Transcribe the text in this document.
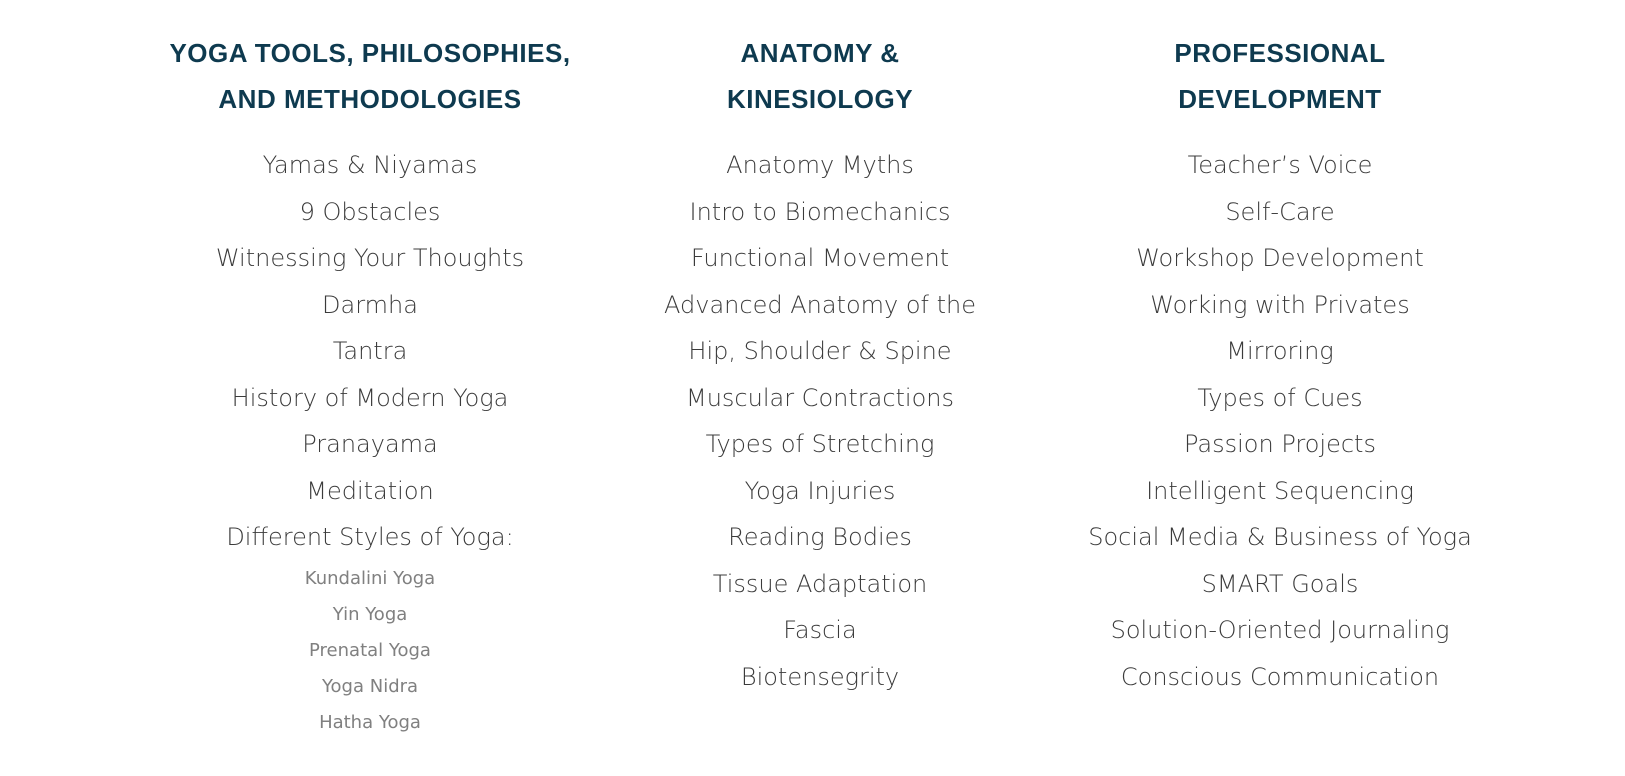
YOGA TOOLS, PHILOSOPHIES,
AND METHODOLOGIES
Yamas & Niyamas
9 Obstacles
Witnessing Your Thoughts
Darmha
Tantra
History of Modern Yoga
Pranayama
Meditation
Different Styles of Yoga:
Kundalini Yoga
Yin Yoga
Prenatal Yoga
Yoga Nidra
Hatha Yoga
ANATOMY &
KINESIOLOGY
Anatomy Myths
Intro to Biomechanics
Functional Movement
Advanced Anatomy of the
Hip, Shoulder & Spine
Muscular Contractions
Types of Stretching
Yoga Injuries
Reading Bodies
Tissue Adaptation
Fascia
Biotensegrity
PROFESSIONAL
DEVELOPMENT
Teacher’s Voice
Self-Care
Workshop Development
Working with Privates
Mirroring
Types of Cues
Passion Projects
Intelligent Sequencing
Social Media & Business of Yoga
SMART Goals
Solution-Oriented Journaling
Conscious Communication
